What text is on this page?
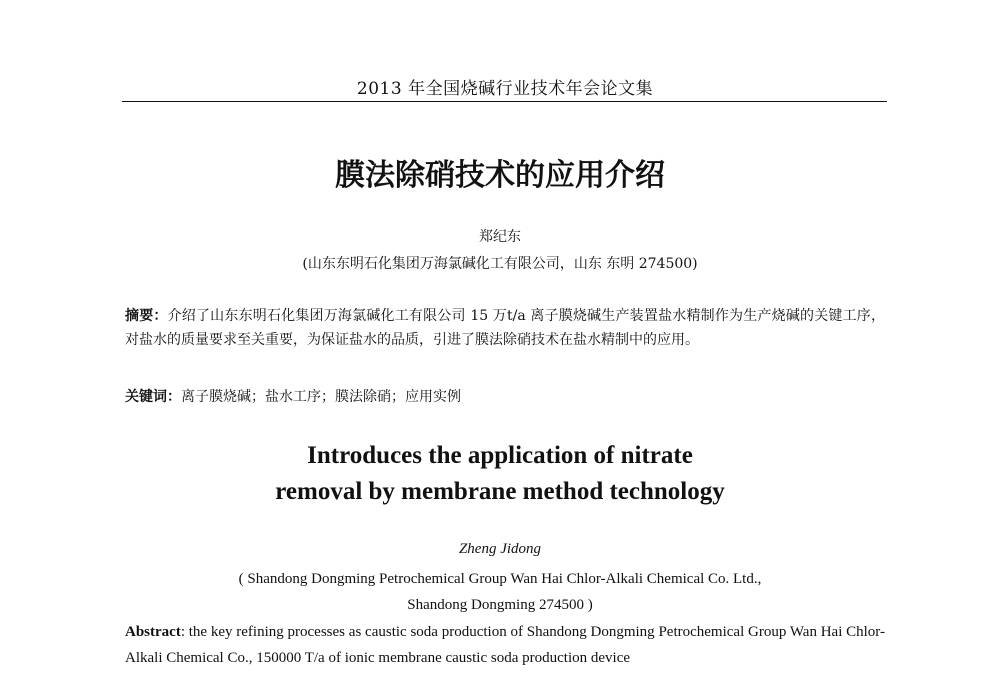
2013 年全国烧碱行业技术年会论文集
膜法除硝技术的应用介绍
郑纪东
(山东东明石化集团万海氯碱化工有限公司，山东 东明 274500)
摘要：介绍了山东东明石化集团万海氯碱化工有限公司 15 万t/a 离子膜烧碱生产装置盐水精制作为生产烧碱的关键工序，对盐水的质量要求至关重要，为保证盐水的品质，引进了膜法除硝技术在盐水精制中的应用。
关键词：离子膜烧碱；盐水工序；膜法除硝；应用实例
Introduces the application of nitrate
removal by membrane method technology
Zheng Jidong
( Shandong Dongming Petrochemical Group Wan Hai Chlor-Alkali Chemical Co. Ltd.,
Shandong Dongming 274500 )
Abstract: the key refining processes as caustic soda production of Shandong Dongming Petrochemical Group Wan Hai Chlor-Alkali Chemical Co., 150000 T/a of ionic membrane caustic soda production device
